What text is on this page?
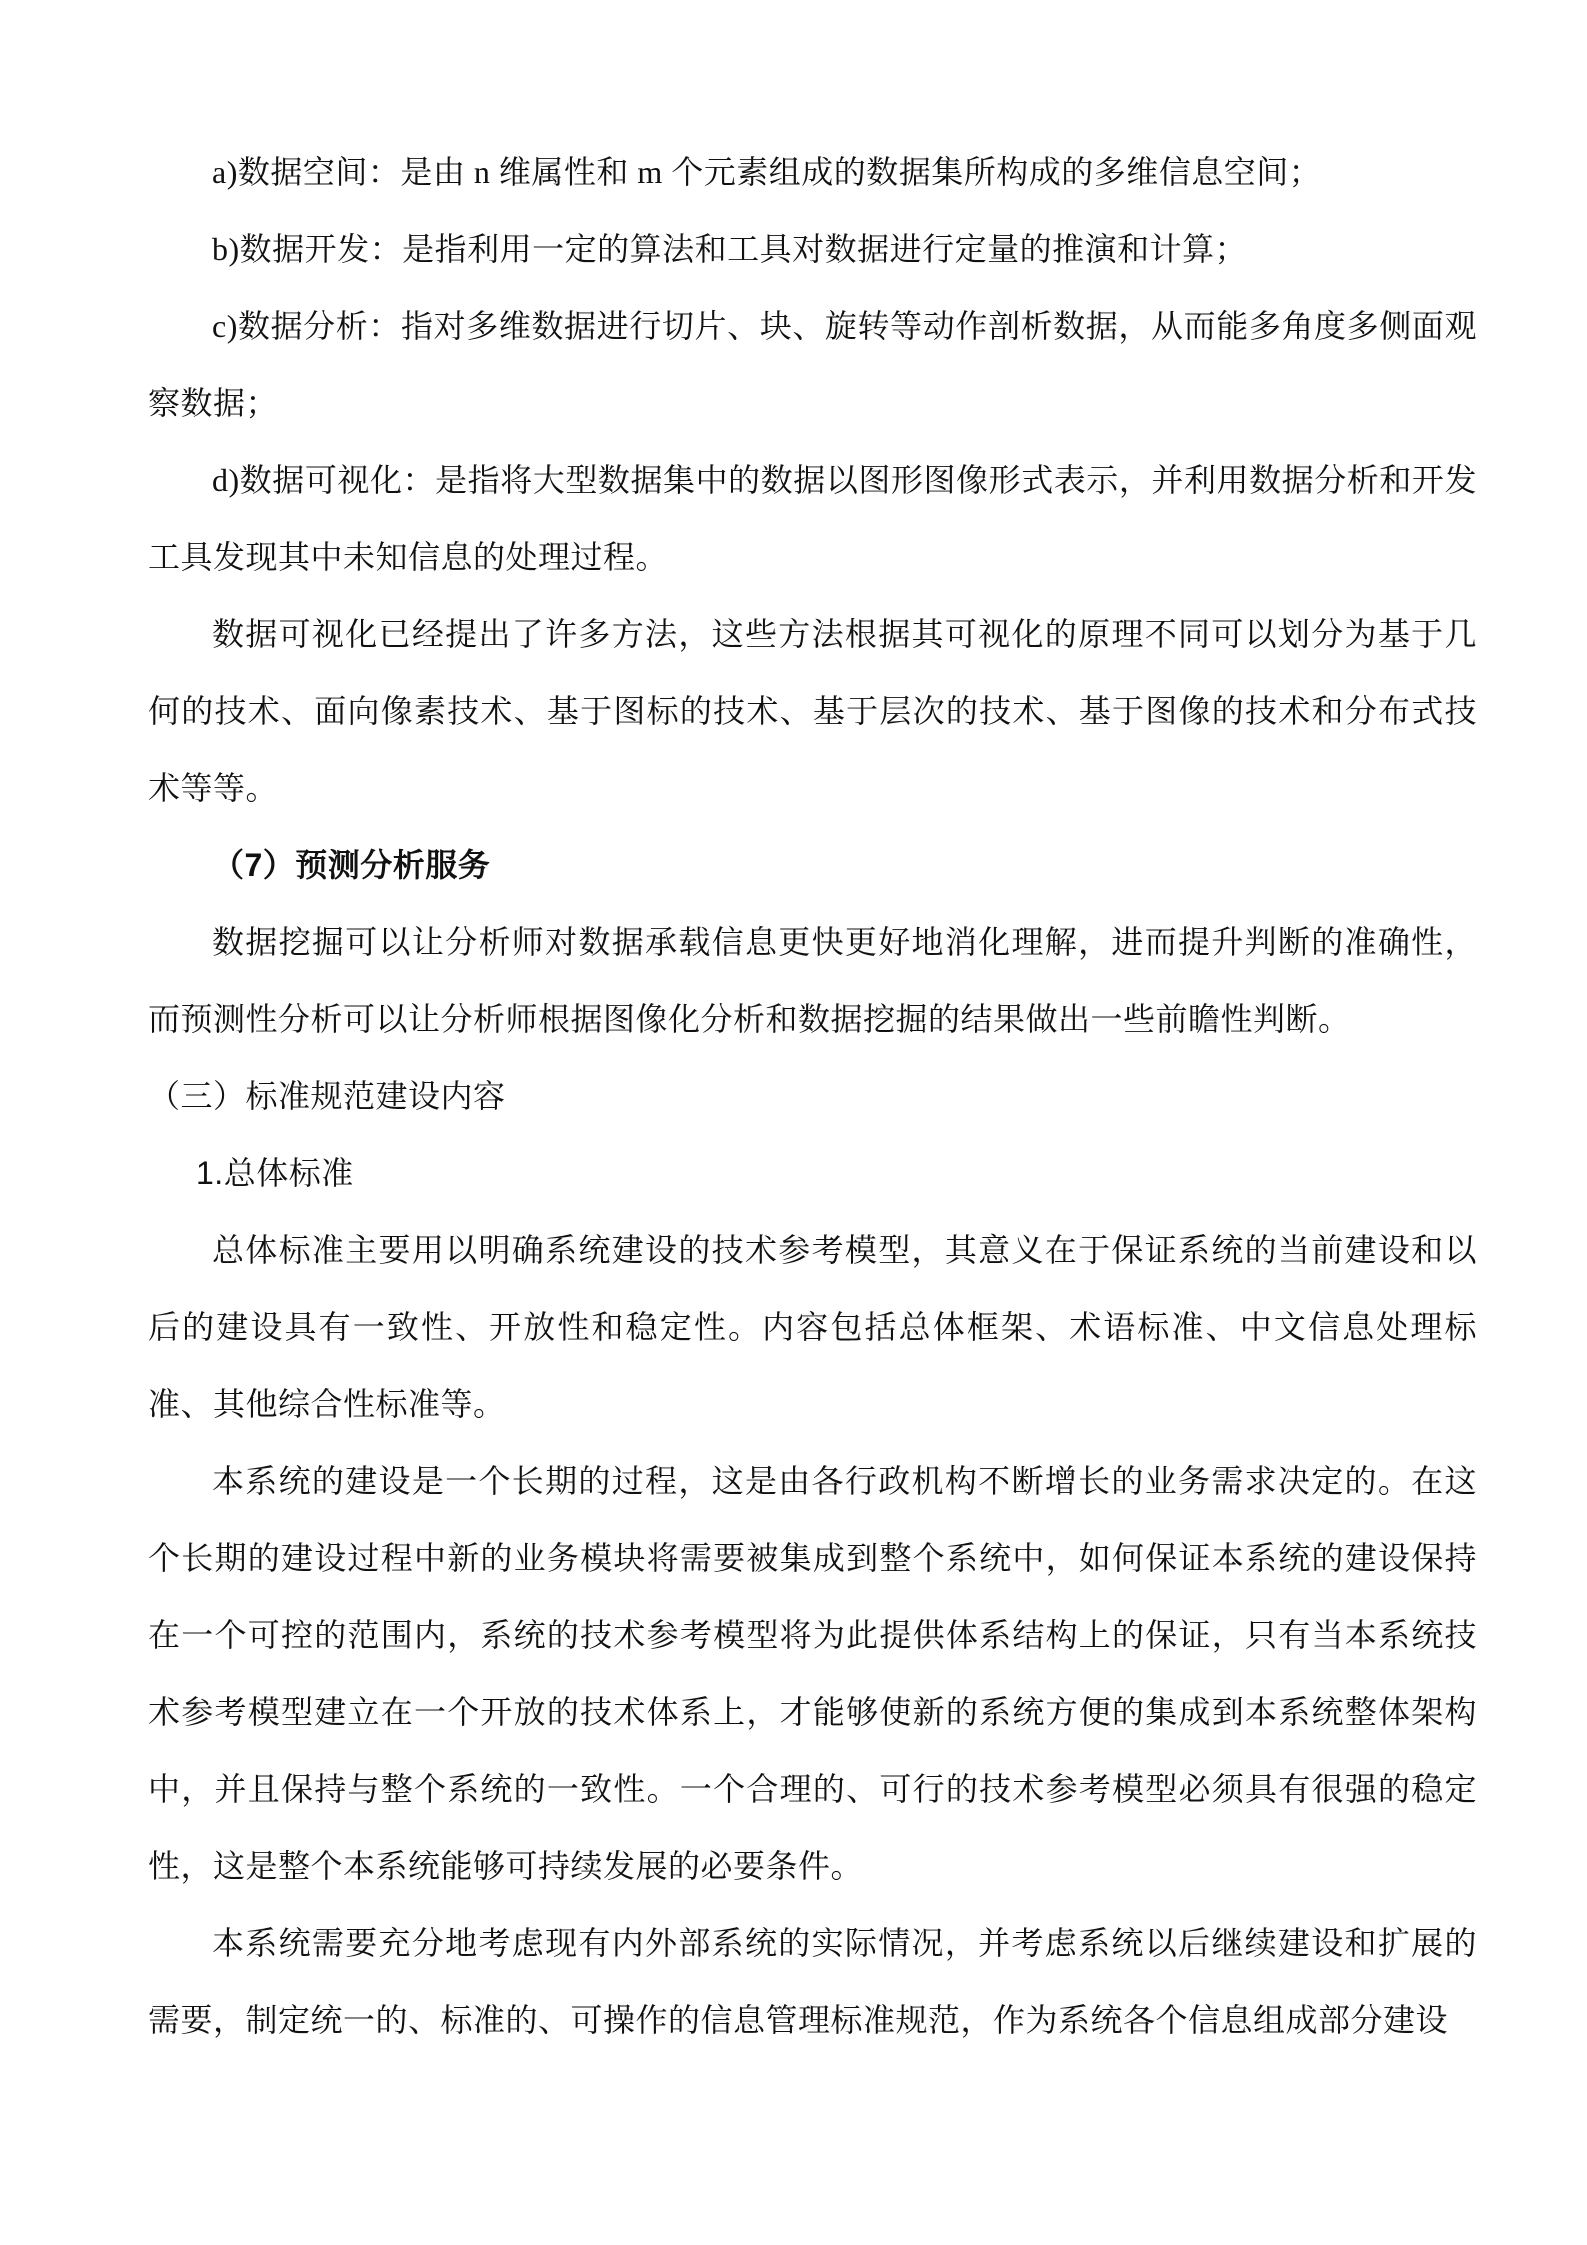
a)数据空间：是由 n 维属性和 m 个元素组成的数据集所构成的多维信息空间；

b)数据开发：是指利用一定的算法和工具对数据进行定量的推演和计算；

c)数据分析：指对多维数据进行切片、块、旋转等动作剖析数据，从而能多角度多侧面观察数据；

d)数据可视化：是指将大型数据集中的数据以图形图像形式表示，并利用数据分析和开发工具发现其中未知信息的处理过程。

数据可视化已经提出了许多方法，这些方法根据其可视化的原理不同可以划分为基于几何的技术、面向像素技术、基于图标的技术、基于层次的技术、基于图像的技术和分布式技术等等。

（7）预测分析服务

数据挖掘可以让分析师对数据承载信息更快更好地消化理解，进而提升判断的准确性，而预测性分析可以让分析师根据图像化分析和数据挖掘的结果做出一些前瞻性判断。

（三）标准规范建设内容

1.总体标准

总体标准主要用以明确系统建设的技术参考模型，其意义在于保证系统的当前建设和以后的建设具有一致性、开放性和稳定性。内容包括总体框架、术语标准、中文信息处理标准、其他综合性标准等。

本系统的建设是一个长期的过程，这是由各行政机构不断增长的业务需求决定的。在这个长期的建设过程中新的业务模块将需要被集成到整个系统中，如何保证本系统的建设保持在一个可控的范围内，系统的技术参考模型将为此提供体系结构上的保证，只有当本系统技术参考模型建立在一个开放的技术体系上，才能够使新的系统方便的集成到本系统整体架构中，并且保持与整个系统的一致性。一个合理的、可行的技术参考模型必须具有很强的稳定性，这是整个本系统能够可持续发展的必要条件。

本系统需要充分地考虑现有内外部系统的实际情况，并考虑系统以后继续建设和扩展的需要，制定统一的、标准的、可操作的信息管理标准规范，作为系统各个信息组成部分建设
